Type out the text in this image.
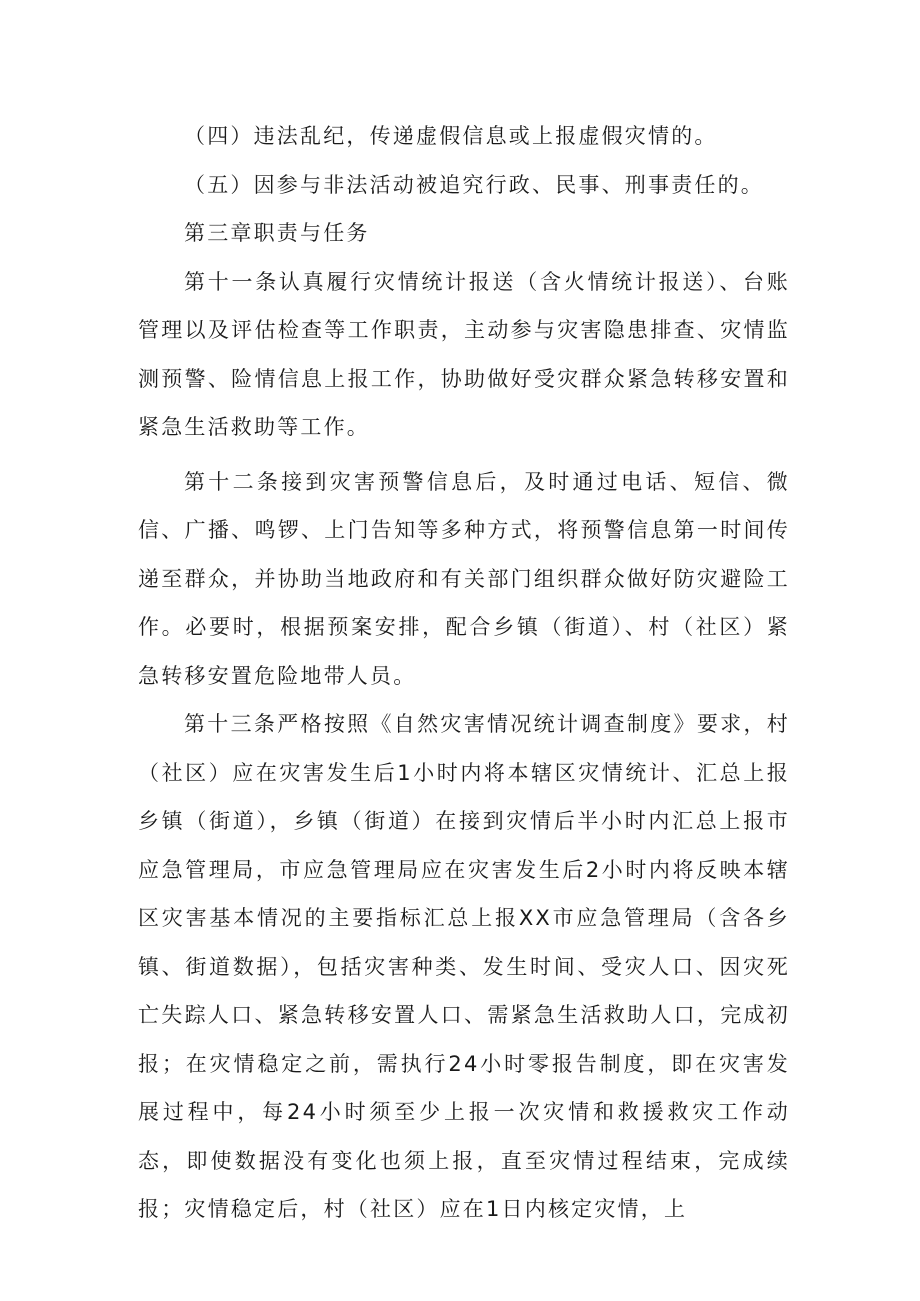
（四）违法乱纪，传递虚假信息或上报虚假灾情的。

（五）因参与非法活动被追究行政、民事、刑事责任的。

第三章职责与任务

第十一条认真履行灾情统计报送（含火情统计报送）、台账管理以及评估检查等工作职责，主动参与灾害隐患排查、灾情监测预警、险情信息上报工作，协助做好受灾群众紧急转移安置和紧急生活救助等工作。

第十二条接到灾害预警信息后，及时通过电话、短信、微信、广播、鸣锣、上门告知等多种方式，将预警信息第一时间传递至群众，并协助当地政府和有关部门组织群众做好防灾避险工作。必要时，根据预案安排，配合乡镇（街道）、村（社区）紧急转移安置危险地带人员。

第十三条严格按照《自然灾害情况统计调查制度》要求，村（社区）应在灾害发生后1小时内将本辖区灾情统计、汇总上报乡镇（街道），乡镇（街道）在接到灾情后半小时内汇总上报市应急管理局，市应急管理局应在灾害发生后2小时内将反映本辖区灾害基本情况的主要指标汇总上报XX市应急管理局（含各乡镇、街道数据），包括灾害种类、发生时间、受灾人口、因灾死亡失踪人口、紧急转移安置人口、需紧急生活救助人口，完成初报；在灾情稳定之前，需执行24小时零报告制度，即在灾害发展过程中，每24小时须至少上报一次灾情和救援救灾工作动态，即使数据没有变化也须上报，直至灾情过程结束，完成续报；灾情稳定后，村（社区）应在1日内核定灾情，上
